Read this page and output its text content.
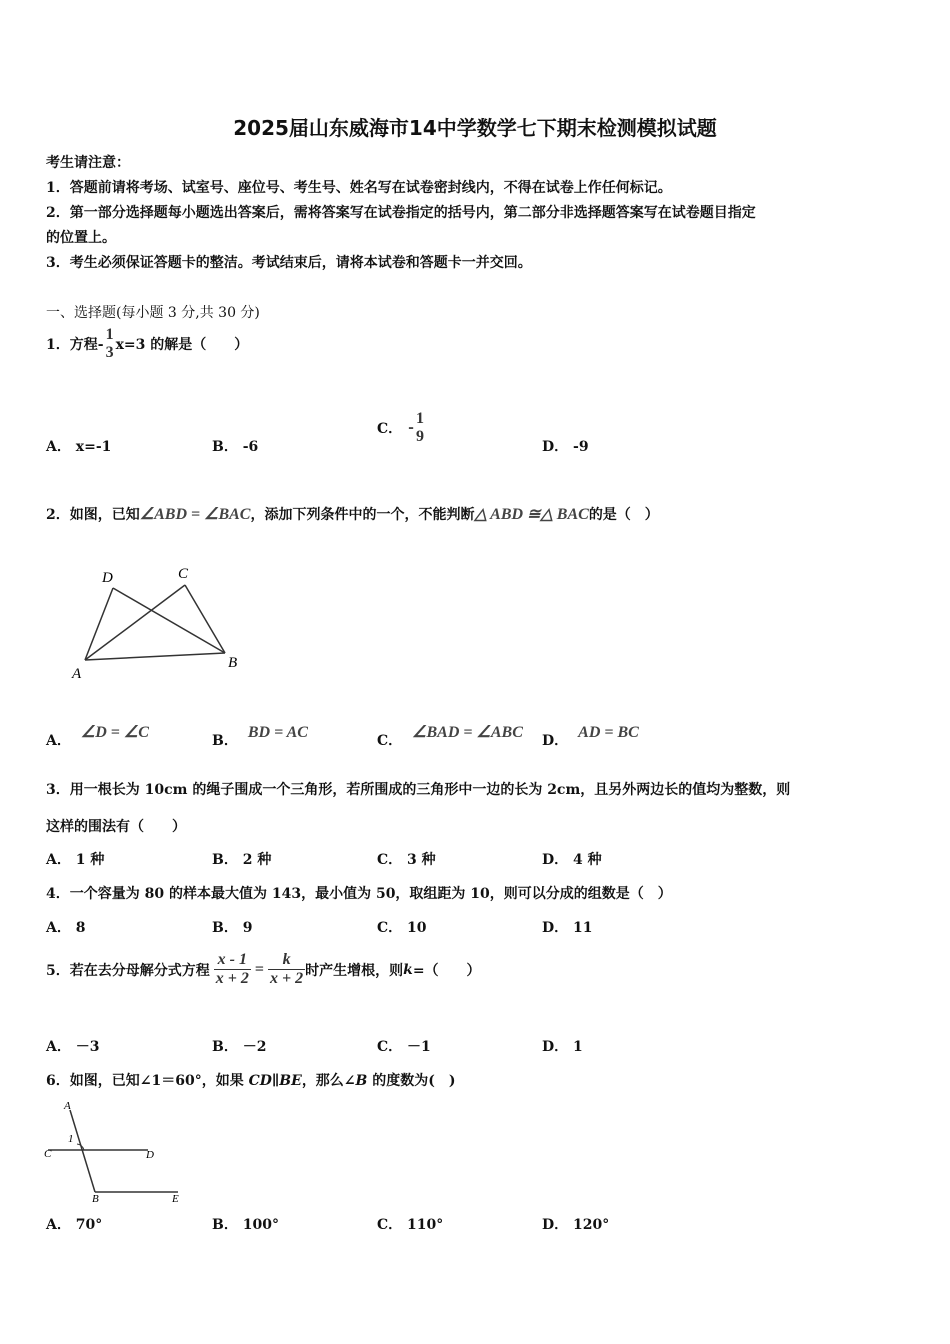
2025届山东威海市14中学数学七下期末检测模拟试题
考生请注意：
1．答题前请将考场、试室号、座位号、考生号、姓名写在试卷密封线内，不得在试卷上作任何标记。
2．第一部分选择题每小题选出答案后，需将答案写在试卷指定的括号内，第二部分非选择题答案写在试卷题目指定
的位置上。
3．考生必须保证答题卡的整洁。考试结束后，请将本试卷和答题卡一并交回。
一、选择题(每小题 3 分,共 30 分)
1． 方程-
1
3 x=3 的解是（　　）
A． x=-1	B． -6
C． -
1
9
D． -9
2． 如图，已知 ∠ABD = ∠BAC ，添加下列条件中的一个，不能判断 △ ABD ≅△ BAC 的是（　）
D	C
A
B
A． ∠D = ∠C	B． BD = AC	C． ∠BAD = ∠ABC D． AD = BC
3．用一根长为 10cm 的绳子围成一个三角形，若所围成的三角形中一边的长为 2cm，且另外两边长的值均为整数，则
这样的围法有（　　）
A． 1 种	B． 2 种	C． 3 种	D． 4 种
4．一个容量为 80 的样本最大值为 143，最小值为 50，取组距为 10，则可以分成的组数是（　）
A． 8	B． 9	C． 10	D． 11
5． 若在去分母解分式方程 $\frac{x - 1}{x + 2} = \frac{k}{x + 2}$ 时产生增根，则 k =（　　）
A． －3	B． －2	C． －1	D． 1
6．如图，已知∠1＝60°，如果 CD∥BE，那么∠B 的度数为(　)
A
1
C	D
B	E
A． 70°	B． 100°	C． 110°	D． 120°
